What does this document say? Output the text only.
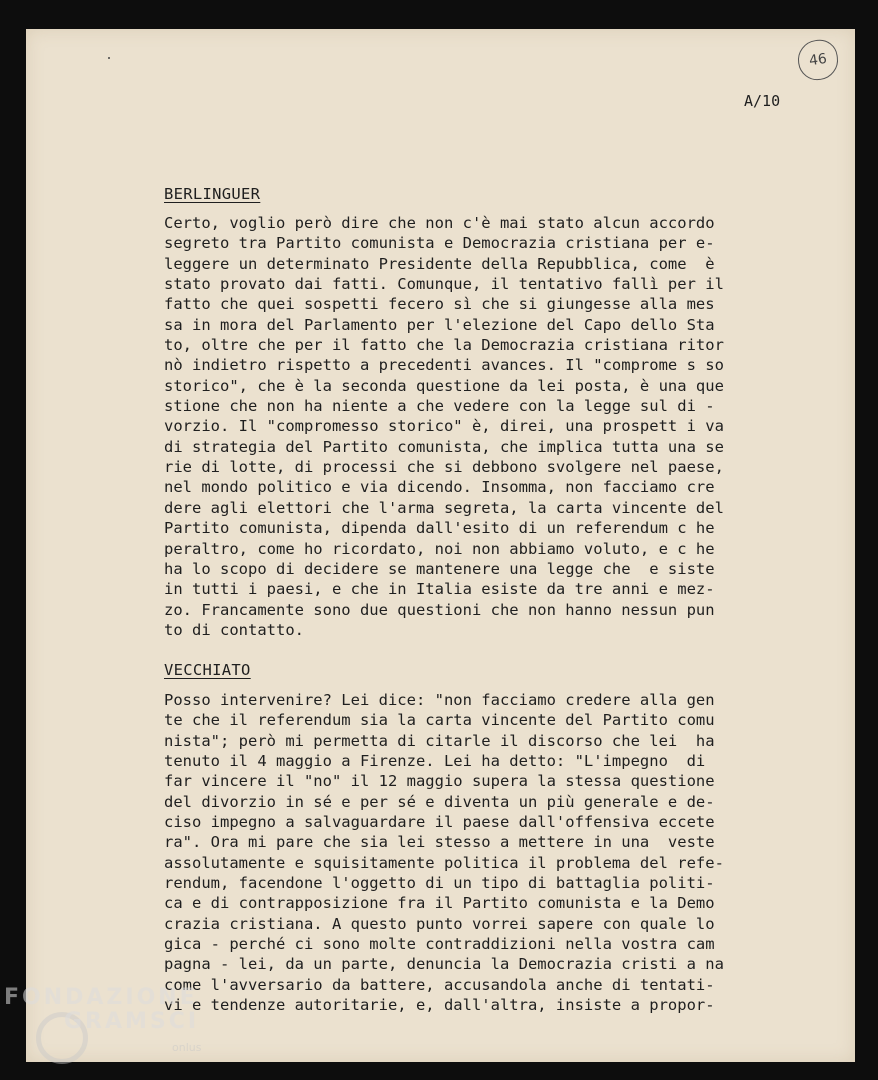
46
A/10
BERLINGUER
Certo, voglio però dire che non c'è mai stato alcun accordo
segreto tra Partito comunista e Democrazia cristiana per e-
leggere un determinato Presidente della Repubblica, come  è
stato provato dai fatti. Comunque, il tentativo fallì per il
fatto che quei sospetti fecero sì che si giungesse alla mes
sa in mora del Parlamento per l'elezione del Capo dello Sta
to, oltre che per il fatto che la Democrazia cristiana ritor
nò indietro rispetto a precedenti avances. Il "comprome s so
storico", che è la seconda questione da lei posta, è una que
stione che non ha niente a che vedere con la legge sul di -
vorzio. Il "compromesso storico" è, direi, una prospett i va
di strategia del Partito comunista, che implica tutta una se
rie di lotte, di processi che si debbono svolgere nel paese,
nel mondo politico e via dicendo. Insomma, non facciamo cre
dere agli elettori che l'arma segreta, la carta vincente del
Partito comunista, dipenda dall'esito di un referendum c he
peraltro, come ho ricordato, noi non abbiamo voluto, e c he
ha lo scopo di decidere se mantenere una legge che  e siste
in tutti i paesi, e che in Italia esiste da tre anni e mez-
zo. Francamente sono due questioni che non hanno nessun pun
to di contatto.
VECCHIATO
Posso intervenire? Lei dice: "non facciamo credere alla gen
te che il referendum sia la carta vincente del Partito comu
nista"; però mi permetta di citarle il discorso che lei  ha
tenuto il 4 maggio a Firenze. Lei ha detto: "L'impegno  di
far vincere il "no" il 12 maggio supera la stessa questione
del divorzio in sé e per sé e diventa un più generale e de-
ciso impegno a salvaguardare il paese dall'offensiva eccete
ra". Ora mi pare che sia lei stesso a mettere in una  veste
assolutamente e squisitamente politica il problema del refe-
rendum, facendone l'oggetto di un tipo di battaglia politi-
ca e di contrapposizione fra il Partito comunista e la Demo
crazia cristiana. A questo punto vorrei sapere con quale lo
gica - perché ci sono molte contraddizioni nella vostra cam
pagna - lei, da un parte, denuncia la Democrazia cristi a na
come l'avversario da battere, accusandola anche di tentati-
vi e tendenze autoritarie, e, dall'altra, insiste a propor-
FONDAZIONE
GRAMSCI
onlus
